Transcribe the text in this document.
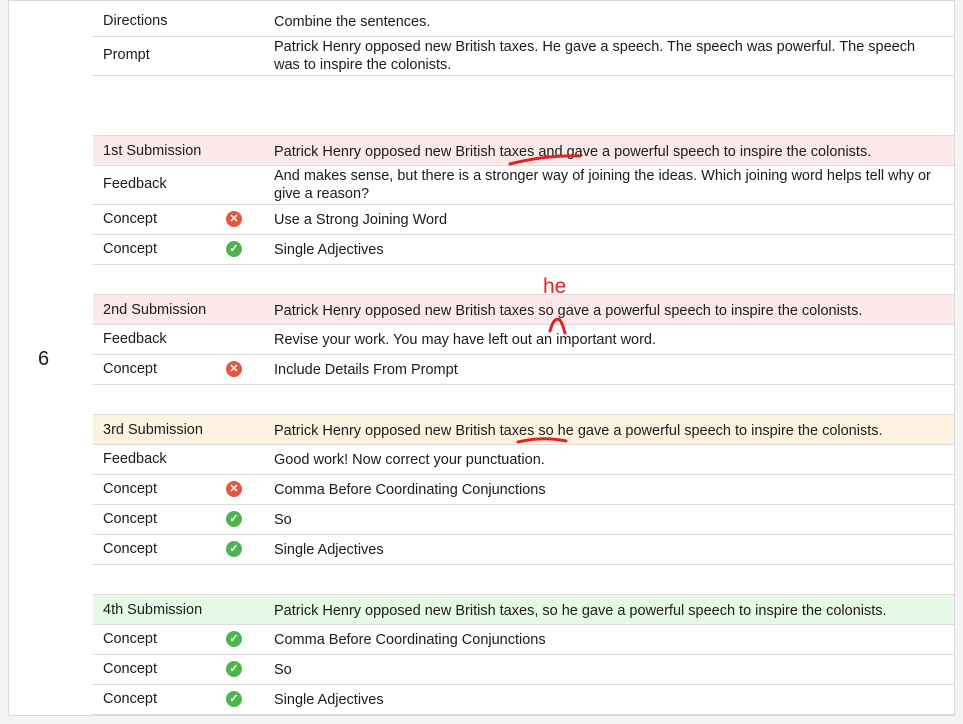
6
Directions	Combine the sentences.
Prompt	Patrick Henry opposed new British taxes. He gave a speech. The speech was powerful. The speech was to inspire the colonists.
1st Submission	Patrick Henry opposed new British taxes and gave a powerful speech to inspire the colonists.
Feedback	And makes sense, but there is a stronger way of joining the ideas. Which joining word helps tell why or give a reason?
Concept	✕ Use a Strong Joining Word
Concept	✓ Single Adjectives
2nd Submission	Patrick Henry opposed new British taxes so gave a powerful speech to inspire the colonists.
Feedback	Revise your work. You may have left out an important word.
Concept	✕ Include Details From Prompt
3rd Submission	Patrick Henry opposed new British taxes so he gave a powerful speech to inspire the colonists.
Feedback	Good work! Now correct your punctuation.
Concept	✕ Comma Before Coordinating Conjunctions
Concept	✓ So
Concept	✓ Single Adjectives
4th Submission	Patrick Henry opposed new British taxes, so he gave a powerful speech to inspire the colonists.
Concept	✓ Comma Before Coordinating Conjunctions
Concept	✓ So
Concept	✓ Single Adjectives
he
